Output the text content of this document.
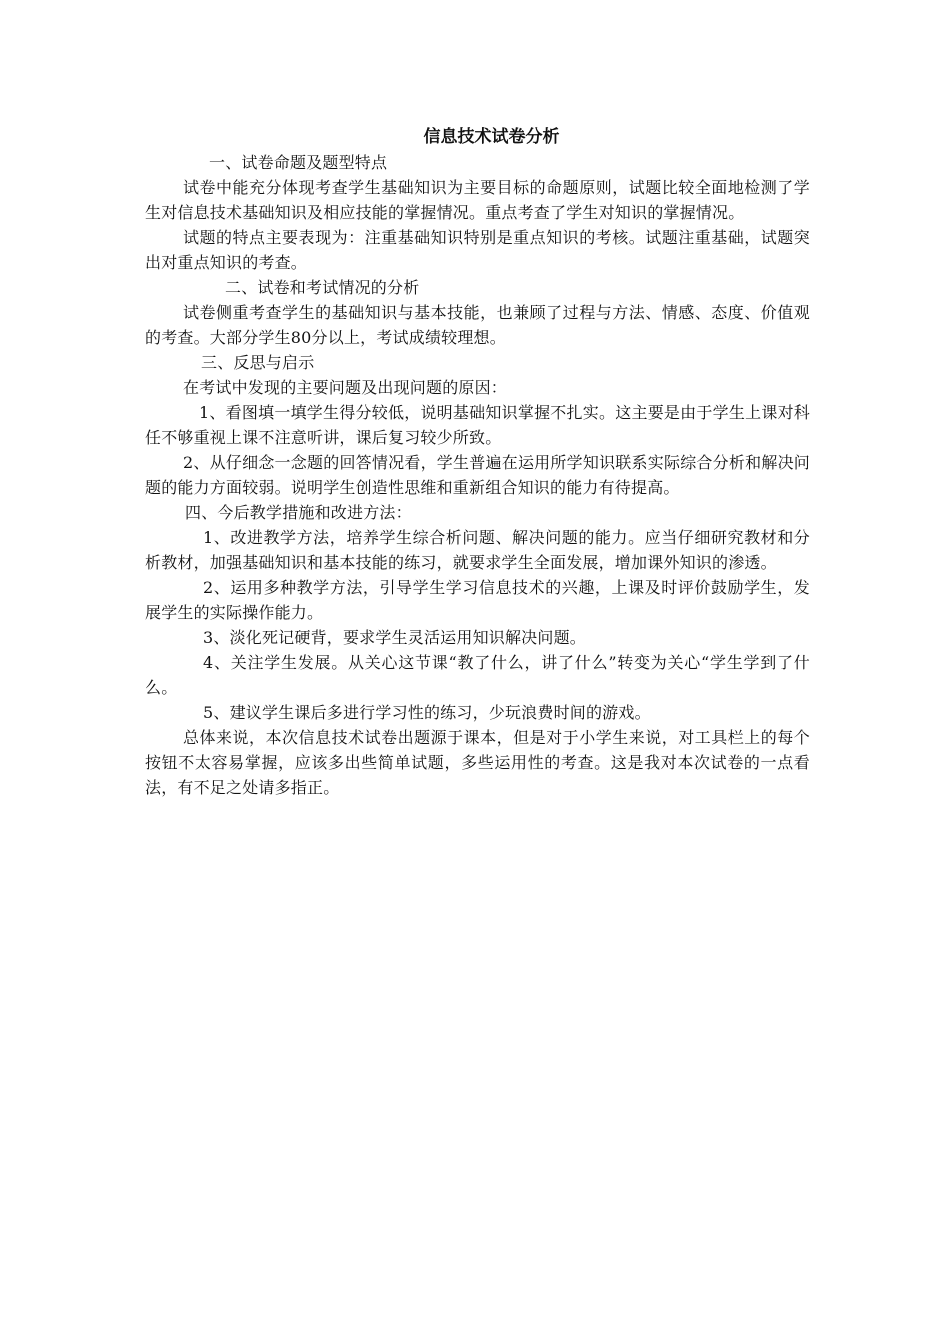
信息技术试卷分析

一、试卷命题及题型特点

试卷中能充分体现考查学生基础知识为主要目标的命题原则，试题比较全面地检测了学生对信息技术基础知识及相应技能的掌握情况。重点考查了学生对知识的掌握情况。

试题的特点主要表现为：注重基础知识特别是重点知识的考核。试题注重基础，试题突出对重点知识的考查。

二、试卷和考试情况的分析

试卷侧重考查学生的基础知识与基本技能，也兼顾了过程与方法、情感、态度、价值观的考查。大部分学生80分以上，考试成绩较理想。

三、反思与启示

在考试中发现的主要问题及出现问题的原因：

1、看图填一填学生得分较低，说明基础知识掌握不扎实。这主要是由于学生上课对科任不够重视上课不注意听讲，课后复习较少所致。

2、从仔细念一念题的回答情况看，学生普遍在运用所学知识联系实际综合分析和解决问题的能力方面较弱。说明学生创造性思维和重新组合知识的能力有待提高。

四、今后教学措施和改进方法：

1、改进教学方法，培养学生综合析问题、解决问题的能力。应当仔细研究教材和分析教材，加强基础知识和基本技能的练习，就要求学生全面发展，增加课外知识的渗透。

2、运用多种教学方法，引导学生学习信息技术的兴趣，上课及时评价鼓励学生，发展学生的实际操作能力。

3、淡化死记硬背，要求学生灵活运用知识解决问题。

4、关注学生发展。从关心这节课“教了什么，讲了什么”转变为关心“学生学到了什么。

5、建议学生课后多进行学习性的练习，少玩浪费时间的游戏。

总体来说，本次信息技术试卷出题源于课本，但是对于小学生来说，对工具栏上的每个按钮不太容易掌握，应该多出些简单试题，多些运用性的考查。这是我对本次试卷的一点看法，有不足之处请多指正。
